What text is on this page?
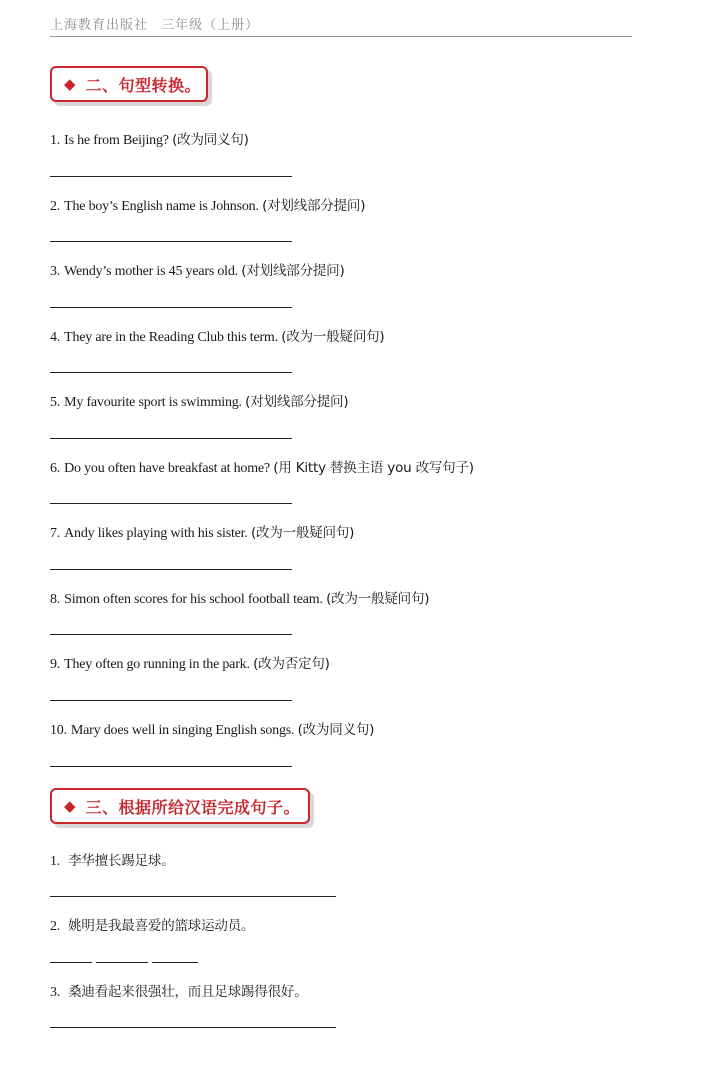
上海教育出版社 三年级（上册）
◆ 二、句型转换。
1. Is he from Beijing? (改为同义句)
2. The boy’s English name is Johnson. (对划线部分提问)
3. Wendy’s mother is 45 years old. (对划线部分提问)
4. They are in the Reading Club this term. (改为一般疑问句)
5. My favourite sport is swimming. (对划线部分提问)
6. Do you often have breakfast at home? (用 Kitty 替换主语 you 改写句子)
7. Andy likes playing with his sister. (改为一般疑问句)
8. Simon often scores for his school football team. (改为一般疑问句)
9. They often go running in the park. (改为否定句)
10. Mary does well in singing English songs. (改为同义句)
◆ 三、根据所给汉语完成句子。
1. 李华擅长踢足球。
2. 姚明是我最喜爱的篮球运动员。
3. 桑迪看起来很强壮，而且足球踢得很好。
